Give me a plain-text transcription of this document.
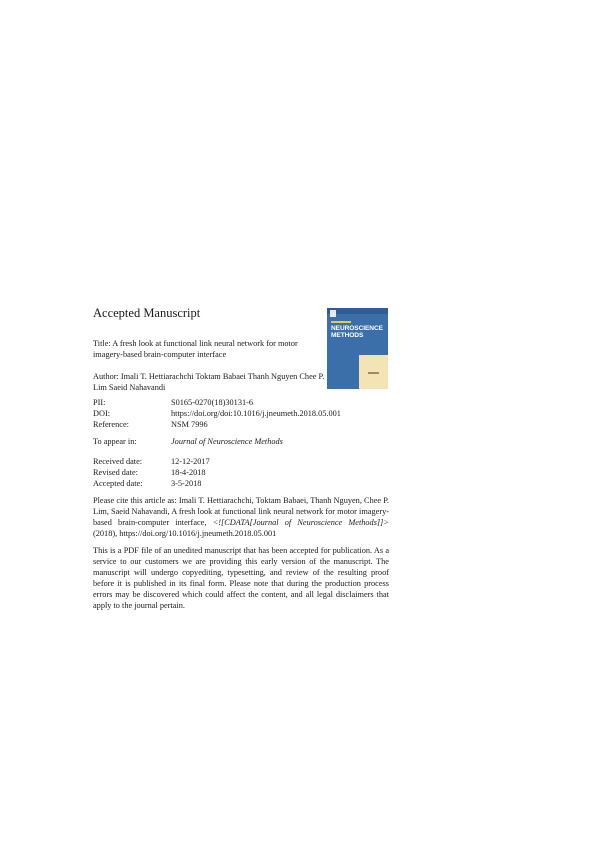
Accepted Manuscript
Title: A fresh look at functional link neural network for motor imagery-based brain-computer interface
Author: Imali T. Hettiarachchi Toktam Babaei Thanh Nguyen Chee P. Lim Saeid Nahavandi
PII:	S0165-0270(18)30131-6
DOI:	https://doi.org/doi:10.1016/j.jneumeth.2018.05.001
Reference:	NSM 7996
To appear in:	Journal of Neuroscience Methods
Received date:	12-12-2017
Revised date:	18-4-2018
Accepted date:	3-5-2018
Please cite this article as: Imali T. Hettiarachchi, Toktam Babaei, Thanh Nguyen, Chee P. Lim, Saeid Nahavandi, A fresh look at functional link neural network for motor imagery-based brain-computer interface, <![CDATA[Journal of Neuroscience Methods]]> (2018), https://doi.org/10.1016/j.jneumeth.2018.05.001
This is a PDF file of an unedited manuscript that has been accepted for publication. As a service to our customers we are providing this early version of the manuscript. The manuscript will undergo copyediting, typesetting, and review of the resulting proof before it is published in its final form. Please note that during the production process errors may be discovered which could affect the content, and all legal disclaimers that apply to the journal pertain.
NEUROSCIENCE
METHODS
